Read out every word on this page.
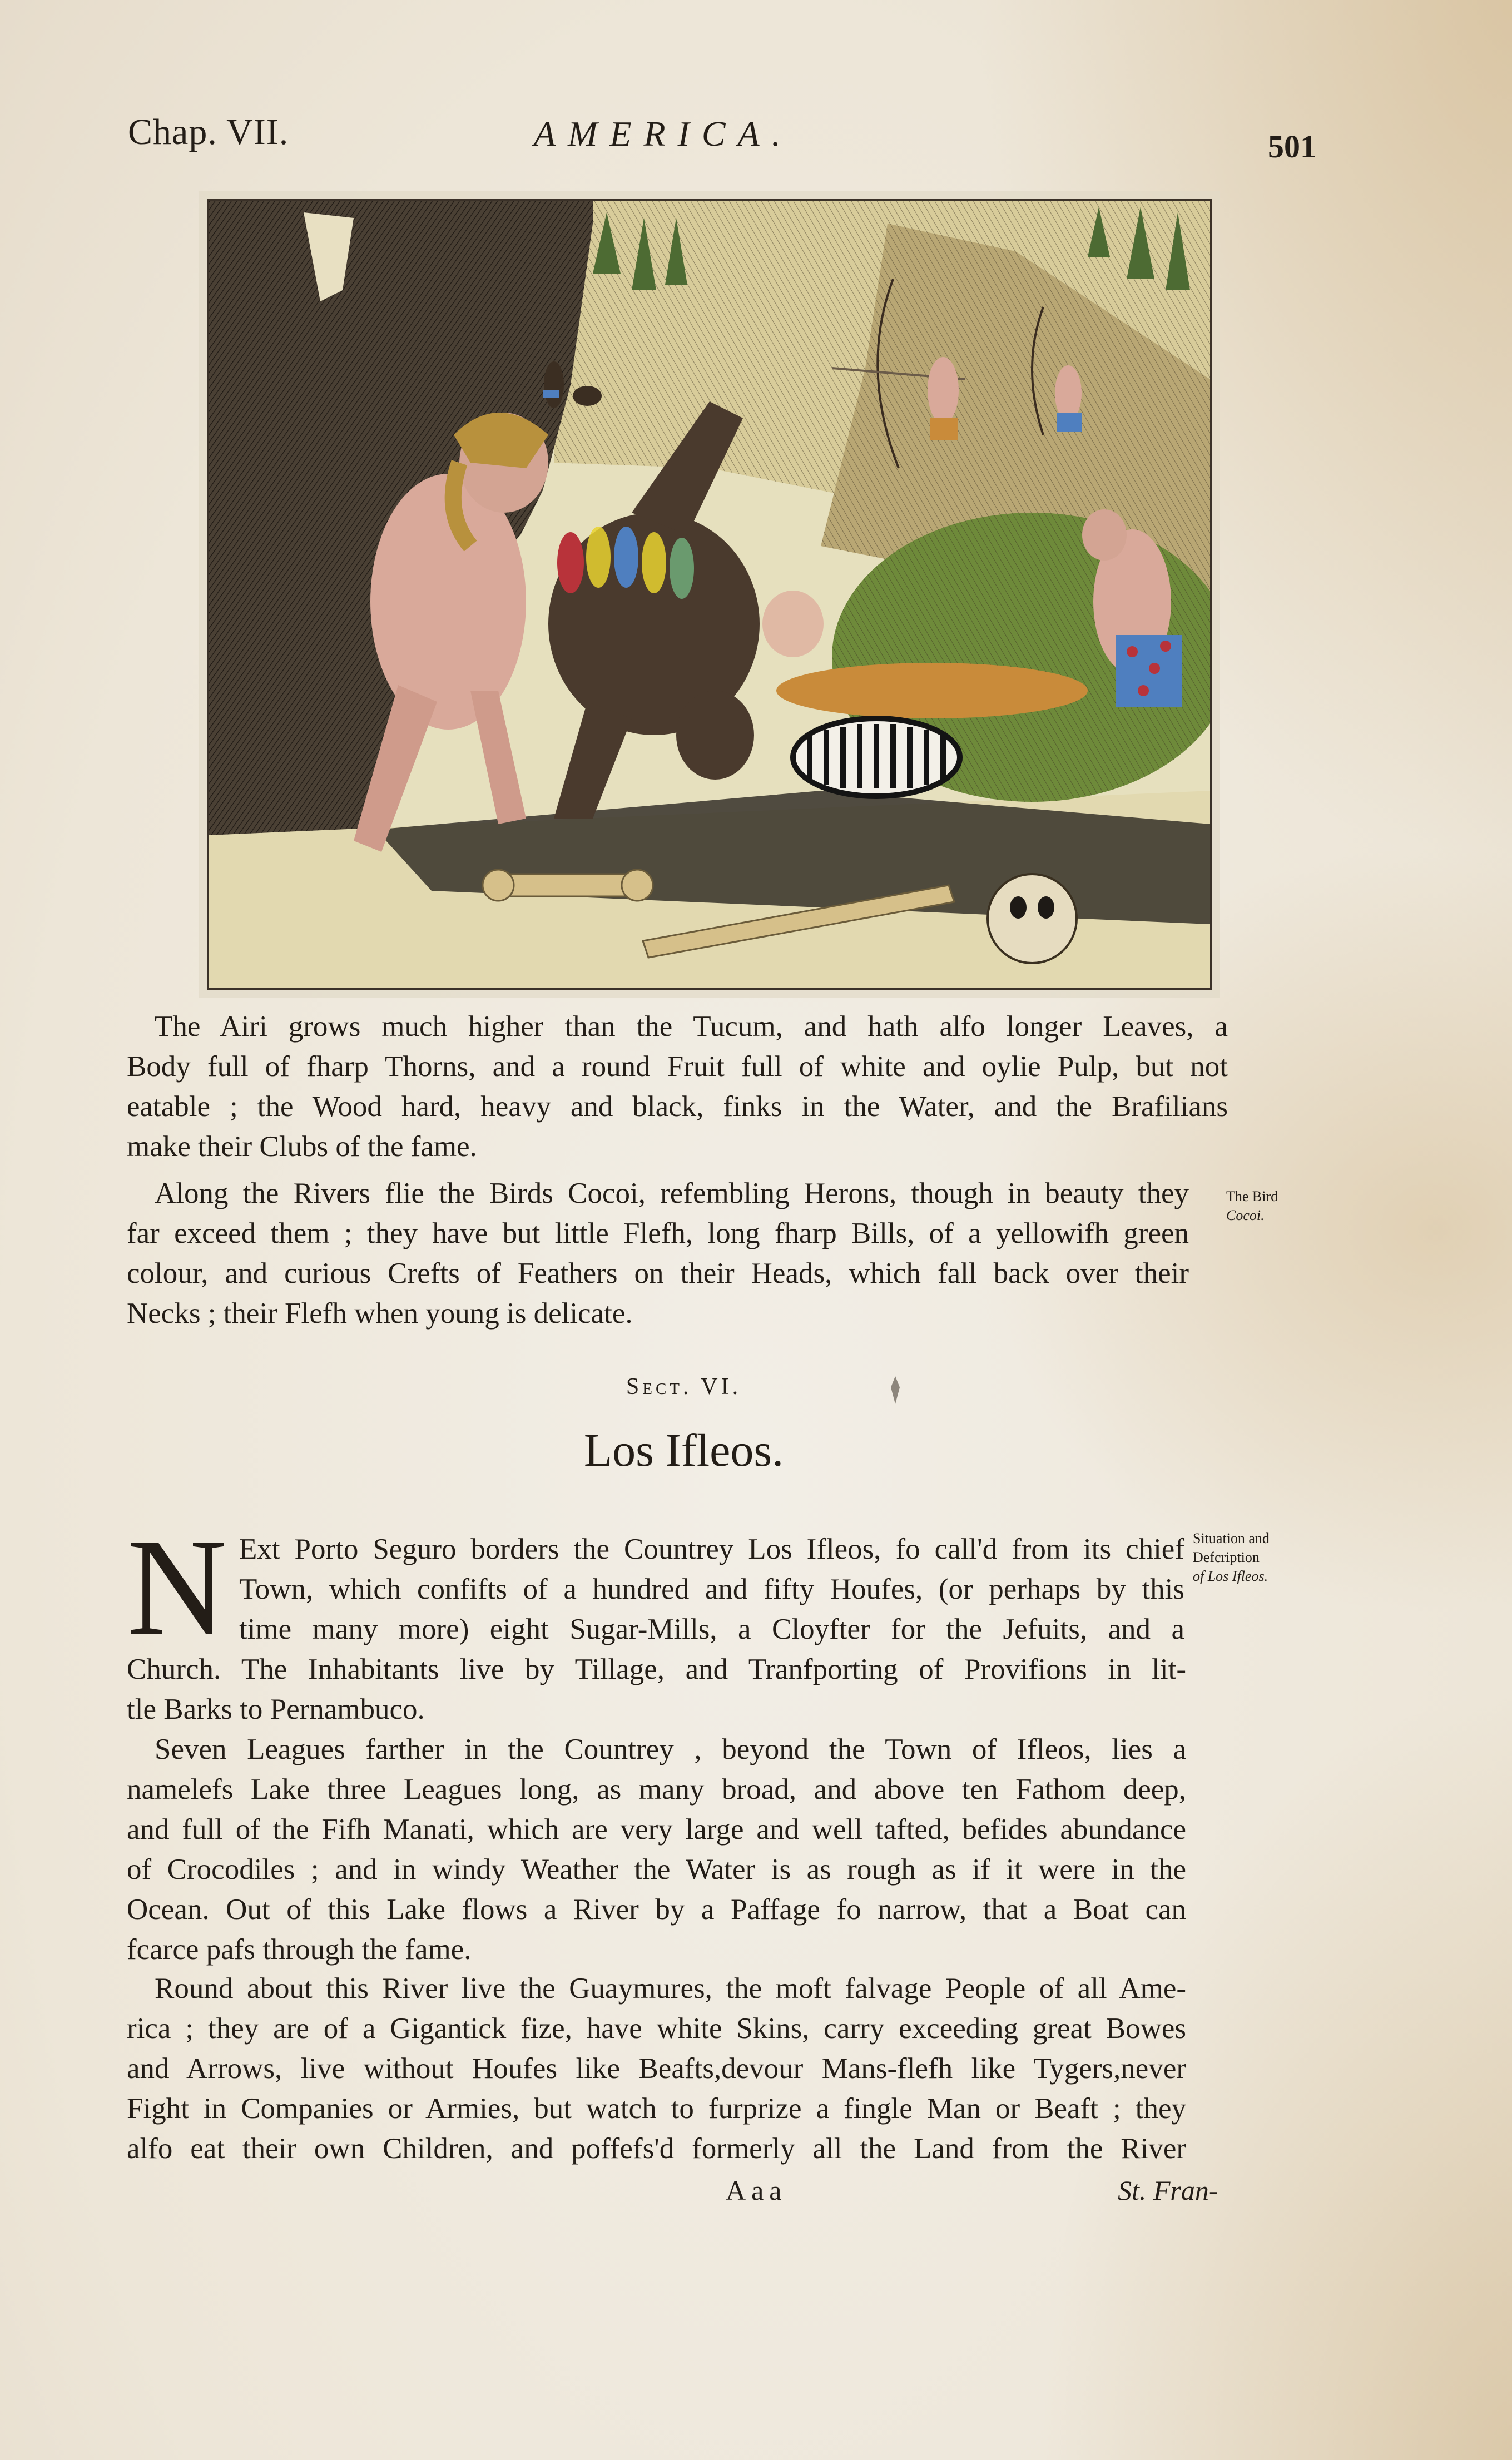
Chap. VII.	AMERICA.	501
The Airi grows much higher than the Tucum, and hath alfo longer Leaves, a
Body full of fharp Thorns, and a round Fruit full of white and oylie Pulp, but not
eatable ; the Wood hard, heavy and black, finks in the Water, and the Brafilians
make their Clubs of the fame.
Along the Rivers flie the Birds Cocoi, refembling Herons, though in beauty they
far exceed them ; they have but little Flefh, long fharp Bills, of a yellowifh green
colour, and curious Crefts of Feathers on their Heads, which fall back over their
Necks ; their Flefh when young is delicate.
The Bird
Cocoi.
Sect. VI.
Los Ifleos.
N Ext Porto Seguro borders the Countrey Los Ifleos, fo call'd from its chief
Town, which confifts of a hundred and fifty Houfes, (or perhaps by this
time many more) eight Sugar-Mills, a Cloyfter for the Jefuits, and a
Church. The Inhabitants live by Tillage, and Tranfporting of Provifions in lit-
tle Barks to Pernambuco.
Situation and
Defcription
of Los Ifleos.
Seven Leagues farther in the Countrey , beyond the Town of Ifleos, lies a
namelefs Lake three Leagues long, as many broad, and above ten Fathom deep,
and full of the Fifh Manati, which are very large and well tafted, befides abundance
of Crocodiles ; and in windy Weather the Water is as rough as if it were in the
Ocean. Out of this Lake flows a River by a Paffage fo narrow, that a Boat can
fcarce pafs through the fame.
Round about this River live the Guaymures, the moft falvage People of all Ame-
rica ; they are of a Gigantick fize, have white Skins, carry exceeding great Bowes
and Arrows, live without Houfes like Beafts,devour Mans-flefh like Tygers,never
Fight in Companies or Armies, but watch to furprize a fingle Man or Beaft ; they
alfo eat their own Children, and poffefs'd formerly all the Land from the River
Aaa	St. Fran-
